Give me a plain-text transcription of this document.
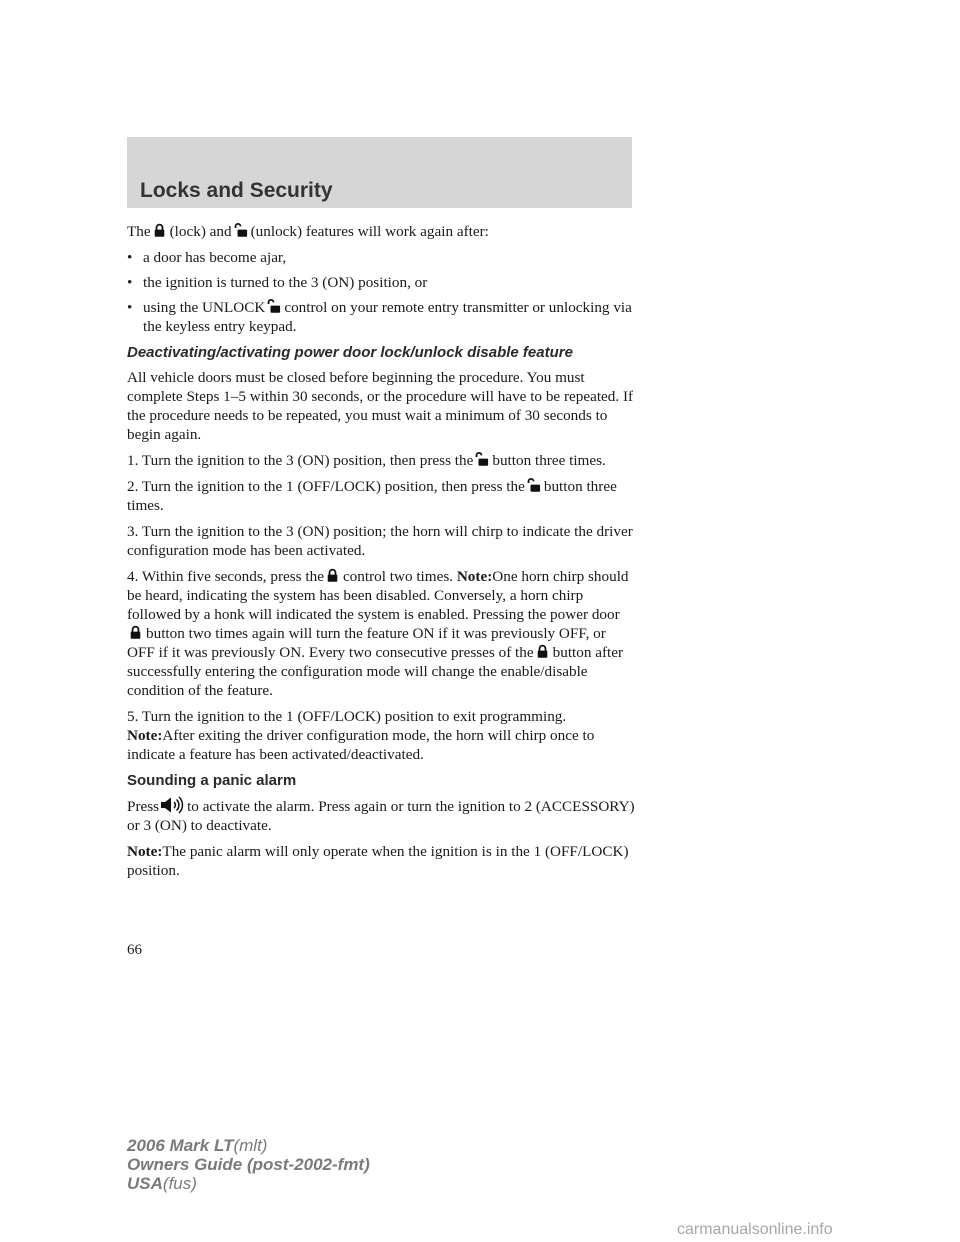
Locks and Security

The (lock) and (unlock) features will work again after:

• a door has become ajar,
• the ignition is turned to the 3 (ON) position, or
• using the UNLOCK control on your remote entry transmitter or unlocking via the keyless entry keypad.
Deactivating/activating power door lock/unlock disable feature

All vehicle doors must be closed before beginning the procedure. You must complete Steps 1–5 within 30 seconds, or the procedure will have to be repeated. If the procedure needs to be repeated, you must wait a minimum of 30 seconds to begin again.

1. Turn the ignition to the 3 (ON) position, then press the button three times.

2. Turn the ignition to the 1 (OFF/LOCK) position, then press the button three times.

3. Turn the ignition to the 3 (ON) position; the horn will chirp to indicate the driver configuration mode has been activated.

4. Within five seconds, press the control two times. Note:One horn chirp should be heard, indicating the system has been disabled. Conversely, a horn chirp followed by a honk will indicated the system is enabled. Pressing the power door
button two times again will turn the feature ON if it was previously OFF, or OFF if it was previously ON. Every two consecutive presses of the button after successfully entering the configuration mode will change the enable/disable condition of the feature.

5. Turn the ignition to the 1 (OFF/LOCK) position to exit programming.
Note:After exiting the driver configuration mode, the horn will chirp once to indicate a feature has been activated/deactivated.

Sounding a panic alarm

Press to activate the alarm. Press again or turn the ignition to 2 (ACCESSORY) or 3 (ON) to deactivate.

Note:The panic alarm will only operate when the ignition is in the 1 (OFF/LOCK) position.

66
2006 Mark LT(mlt)
Owners Guide (post-2002-fmt)
USA(fus)
carmanualsonline.info
